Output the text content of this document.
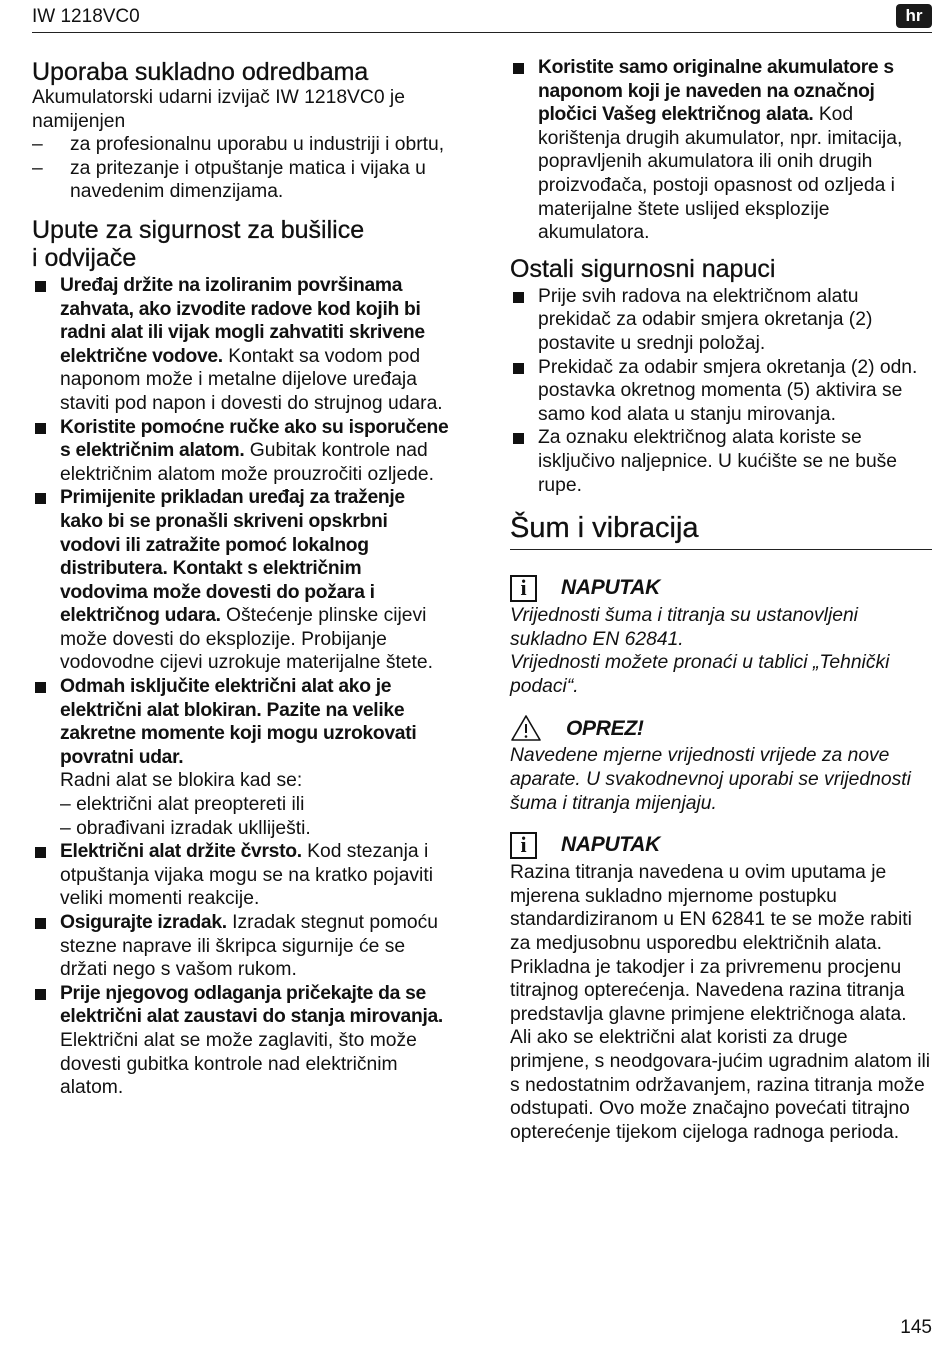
IW 1218VC0	hr
Uporaba sukladno odredbama

Akumulatorski udarni izvijač IW 1218VC0 je namijenjen

– za profesionalnu uporabu u industriji i obrtu,

– za pritezanje i otpuštanje matica i vijaka u navedenim dimenzijama.

Upute za sigurnost za bušilice
i odvijače

Uređaj držite na izoliranim površinama zahvata, ako izvodite radove kod kojih bi radni alat ili vijak mogli zahvatiti skrivene električne vodove. Kontakt sa vodom pod naponom može i metalne dijelove uređaja staviti pod napon i dovesti do strujnog udara.

Koristite pomoćne ručke ako su isporučene s električnim alatom. Gubitak kontrole nad električnim alatom može prouzročiti ozljede.

Primijenite prikladan uređaj za traženje kako bi se pronašli skriveni opskrbni vodovi ili zatražite pomoć lokalnog distributera. Kontakt s električnim vodovima može dovesti do požara i električnog udara. Oštećenje plinske cijevi može dovesti do eksplozije. Probijanje vodovodne cijevi uzrokuje materijalne štete.

Odmah isključite električni alat ako je električni alat blokiran. Pazite na velike zakretne momente koji mogu uzrokovati povratni udar.
Radni alat se blokira kad se:
– električni alat preoptereti ili
– obrađivani izradak uklliješti.

Električni alat držite čvrsto. Kod stezanja i otpuštanja vijaka mogu se na kratko pojaviti veliki momenti reakcije.

Osigurajte izradak. Izradak stegnut pomoću stezne naprave ili škripca sigurnije će se držati nego s vašom rukom.

Prije njegovog odlaganja pričekajte da se električni alat zaustavi do stanja mirovanja. Električni alat se može zaglaviti, što može dovesti gubitka kontrole nad električnim alatom.

Koristite samo originalne akumulatore s naponom koji je naveden na označnoj pločici Vašeg električnog alata. Kod korištenja drugih akumulator, npr. imitacija, popravljenih akumulatora ili onih drugih proizvođača, postoji opasnost od ozljeda i materijalne štete uslijed eksplozije akumulatora.

Ostali sigurnosni napuci

Prije svih radova na električnom alatu prekidač za odabir smjera okretanja (2) postavite u srednji položaj.

Prekidač za odabir smjera okretanja (2) odn. postavka okretnog momenta (5) aktivira se samo kod alata u stanju mirovanja.

Za oznaku električnog alata koriste se isključivo naljepnice. U kućište se ne buše rupe.

Šum i vibracija
i	NAPUTAK

Vrijednosti šuma i titranja su ustanovljeni sukladno EN 62841.

Vrijednosti možete pronaći u tablici „Tehnički podaci“.

OPREZ!

Navedene mjerne vrijednosti vrijede za nove aparate. U svakodnevnoj uporabi se vrijednosti šuma i titranja mijenjaju.

i	NAPUTAK

Razina titranja navedena u ovim uputama je mjerena sukladno mjernome postupku standardiziranom u EN 62841 te se može rabiti za medjusobnu usporedbu električnih alata. Prikladna je takodjer i za privremenu procjenu titrajnog opterećenja. Navedena razina titranja predstavlja glavne primjene električnoga alata. Ali ako se električni alat koristi za druge primjene, s neodgovara-jućim ugradnim alatom ili s nedostatnim održavanjem, razina titranja može odstupati. Ovo može značajno povećati titrajno opterećenje tijekom cijeloga radnoga perioda.

145
